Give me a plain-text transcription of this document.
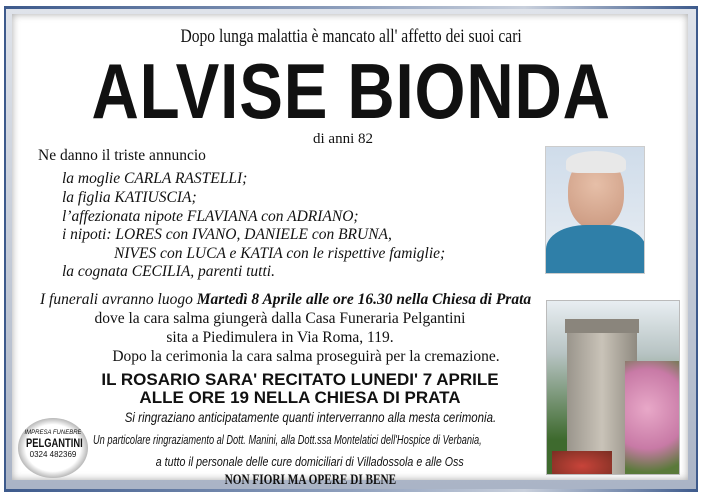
Dopo lunga malattia è mancato all' affetto dei suoi cari
ALVISE BIONDA
di anni 82
Ne danno il triste annuncio
la moglie CARLA RASTELLI;
la figlia KATIUSCIA;
l’affezionata nipote FLAVIANA con ADRIANO;
i nipoti: LORES con IVANO, DANIELE con BRUNA,
NIVES con LUCA e KATIA con le rispettive famiglie;
la cognata CECILIA, parenti tutti.
I funerali avranno luogo Martedì 8 Aprile alle ore 16.30 nella Chiesa di Prata
dove la cara salma giungerà dalla Casa Funeraria Pelgantini
sita a Piedimulera in Via Roma, 119.
Dopo la cerimonia la cara salma proseguirà per la cremazione.
IL ROSARIO SARA' RECITATO LUNEDI' 7 APRILE
ALLE ORE 19 NELLA CHIESA DI PRATA
Si ringraziano anticipatamente quanti interverranno alla mesta cerimonia.
Un particolare ringraziamento al Dott. Manini, alla Dott.ssa Montelatici dell'Hospice di Verbania,
a tutto il personale delle cure domiciliari di Villadossola e alle Oss
NON FIORI MA OPERE DI BENE
IMPRESA FUNEBRE
PELGANTINI
0324 482369
